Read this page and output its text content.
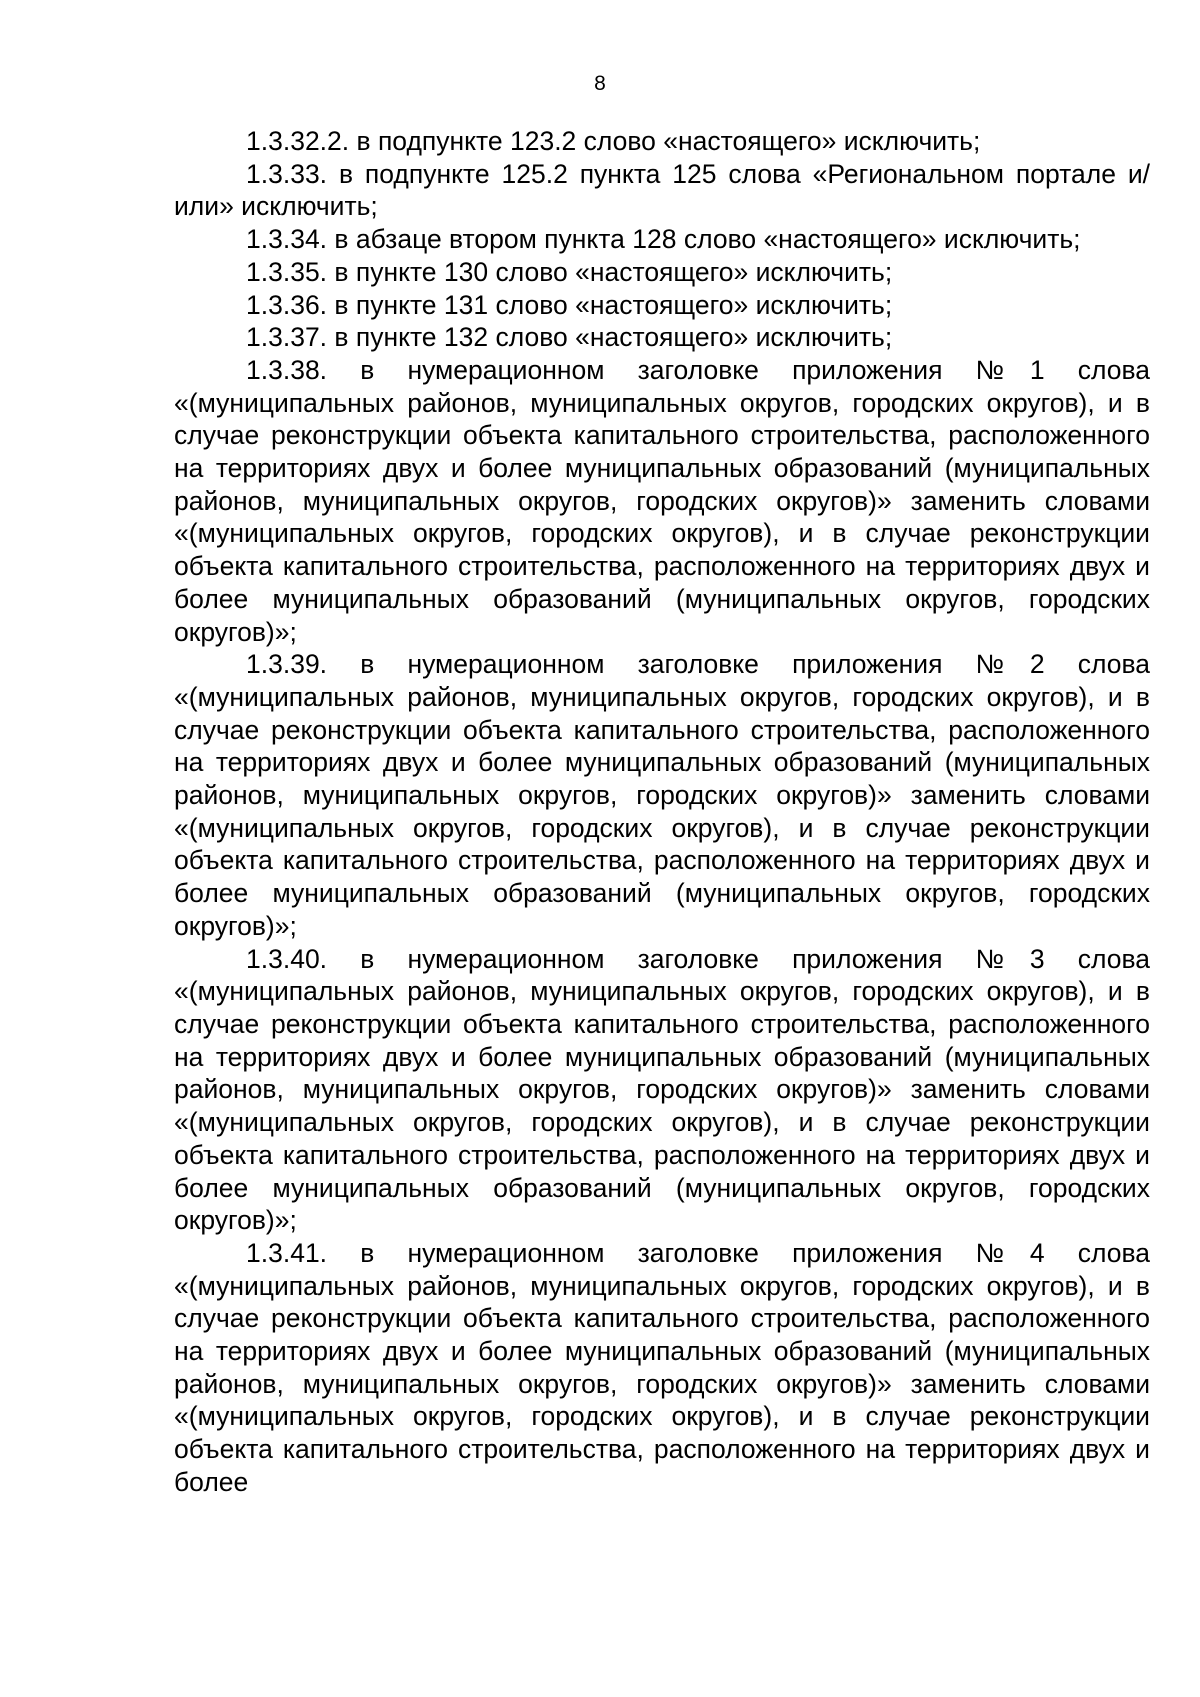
8

1.3.32.2. в подпункте 123.2 слово «настоящего» исключить;

1.3.33. в подпункте 125.2 пункта 125 слова «Региональном портале и/или» исключить;

1.3.34. в абзаце втором пункта 128 слово «настоящего» исключить;

1.3.35. в пункте 130 слово «настоящего» исключить;

1.3.36. в пункте 131 слово «настоящего» исключить;

1.3.37. в пункте 132 слово «настоящего» исключить;

1.3.38. в нумерационном заголовке приложения №1 слова «(муниципальных районов, муниципальных округов, городских округов), и в случае реконструкции объекта капитального строительства, расположенного на территориях двух и более муниципальных образований (муниципальных районов, муниципальных округов, городских округов)» заменить словами «(муниципальных округов, городских округов), и в случае реконструкции объекта капитального строительства, расположенного на территориях двух и более муниципальных образований (муниципальных округов, городских округов)»;

1.3.39. в нумерационном заголовке приложения №2 слова «(муниципальных районов, муниципальных округов, городских округов), и в случае реконструкции объекта капитального строительства, расположенного на территориях двух и более муниципальных образований (муниципальных районов, муниципальных округов, городских округов)» заменить словами «(муниципальных округов, городских округов), и в случае реконструкции объекта капитального строительства, расположенного на территориях двух и более муниципальных образований (муниципальных округов, городских округов)»;

1.3.40. в нумерационном заголовке приложения №3 слова «(муниципальных районов, муниципальных округов, городских округов), и в случае реконструкции объекта капитального строительства, расположенного на территориях двух и более муниципальных образований (муниципальных районов, муниципальных округов, городских округов)» заменить словами «(муниципальных округов, городских округов), и в случае реконструкции объекта капитального строительства, расположенного на территориях двух и более муниципальных образований (муниципальных округов, городских округов)»;

1.3.41. в нумерационном заголовке приложения №4 слова «(муниципальных районов, муниципальных округов, городских округов), и в случае реконструкции объекта капитального строительства, расположенного на территориях двух и более муниципальных образований (муниципальных районов, муниципальных округов, городских округов)» заменить словами «(муниципальных округов, городских округов), и в случае реконструкции объекта капитального строительства, расположенного на территориях двух и более
